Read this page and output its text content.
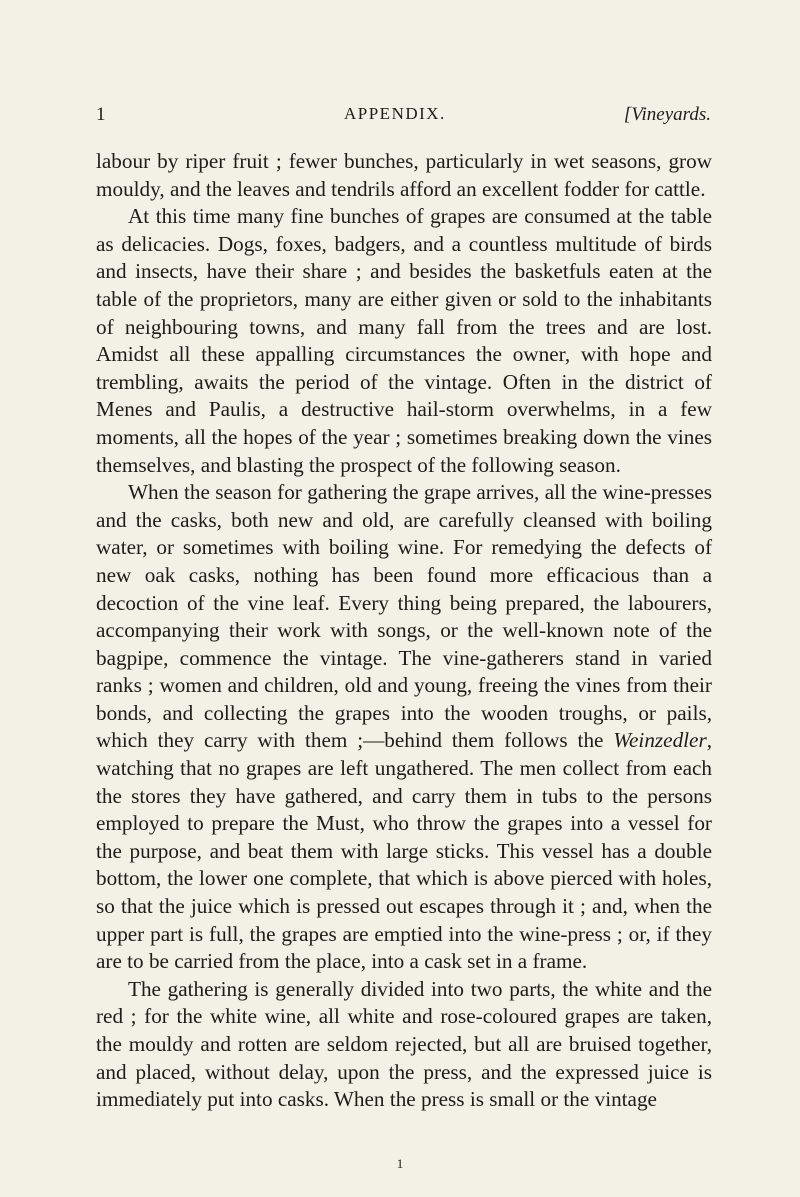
1	APPENDIX.	[Vineyards.

labour by riper fruit ; fewer bunches, particularly in wet seasons, grow mouldy, and the leaves and tendrils afford an excellent fodder for cattle.

At this time many fine bunches of grapes are consumed at the table as delicacies. Dogs, foxes, badgers, and a countless multitude of birds and insects, have their share ; and besides the basketfuls eaten at the table of the proprietors, many are either given or sold to the inhabitants of neighbouring towns, and many fall from the trees and are lost. Amidst all these appalling circumstances the owner, with hope and trembling, awaits the period of the vintage. Often in the district of Menes and Paulis, a destructive hail-storm overwhelms, in a few moments, all the hopes of the year ; sometimes breaking down the vines themselves, and blasting the prospect of the following season.

When the season for gathering the grape arrives, all the wine-presses and the casks, both new and old, are carefully cleansed with boiling water, or sometimes with boiling wine. For remedying the defects of new oak casks, nothing has been found more efficacious than a decoction of the vine leaf. Every thing being prepared, the labourers, accompanying their work with songs, or the well-known note of the bagpipe, commence the vintage. The vine-gatherers stand in varied ranks ; women and children, old and young, freeing the vines from their bonds, and collecting the grapes into the wooden troughs, or pails, which they carry with them ;—behind them follows the Weinzedler, watching that no grapes are left ungathered. The men collect from each the stores they have gathered, and carry them in tubs to the persons employed to prepare the Must, who throw the grapes into a vessel for the purpose, and beat them with large sticks. This vessel has a double bottom, the lower one complete, that which is above pierced with holes, so that the juice which is pressed out escapes through it ; and, when the upper part is full, the grapes are emptied into the wine-press ; or, if they are to be carried from the place, into a cask set in a frame.

The gathering is generally divided into two parts, the white and the red ; for the white wine, all white and rose-coloured grapes are taken, the mouldy and rotten are seldom rejected, but all are bruised together, and placed, without delay, upon the press, and the expressed juice is immediately put into casks. When the press is small or the vintage

1
